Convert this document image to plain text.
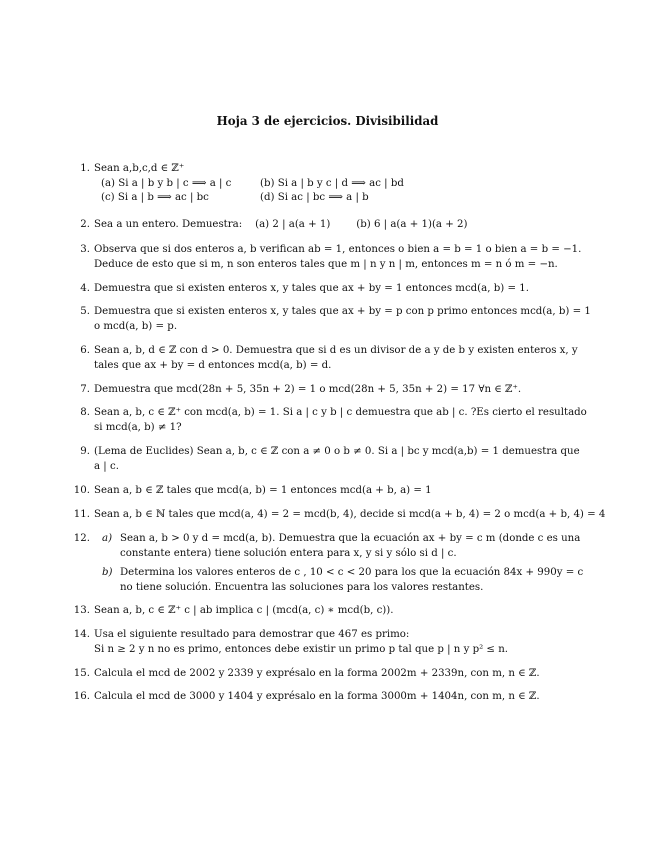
Hoja 3 de ejercicios. Divisibilidad
1. Sean a,b,c,d ∈ ℤ⁺
(a) Si a | b y b | c ⟹ a | c	(b) Si a | b y c | d ⟹ ac | bd
(c) Si a | b ⟹ ac | bc	(d) Si ac | bc ⟹ a | b
2. Sea a un entero. Demuestra:    (a) 2 | a(a + 1)        (b) 6 | a(a + 1)(a + 2)
3. Observa que si dos enteros a, b verifican ab = 1, entonces o bien a = b = 1 o bien a = b = −1.
Deduce de esto que si m, n son enteros tales que m | n y n | m, entonces m = n ó m = −n.
4. Demuestra que si existen enteros x, y tales que ax + by = 1 entonces mcd(a, b) = 1.
5. Demuestra que si existen enteros x, y tales que ax + by = p con p primo entonces mcd(a, b) = 1
o mcd(a, b) = p.
6. Sean a, b, d ∈ ℤ con d > 0. Demuestra que si d es un divisor de a y de b y existen enteros x, y
tales que ax + by = d entonces mcd(a, b) = d.
7. Demuestra que mcd(28n + 5, 35n + 2) = 1 o mcd(28n + 5, 35n + 2) = 17 ∀n ∈ ℤ⁺.
8. Sean a, b, c ∈ ℤ⁺ con mcd(a, b) = 1. Si a | c y b | c demuestra que ab | c. ?Es cierto el resultado
si mcd(a, b) ≠ 1?
9. (Lema de Euclides) Sean a, b, c ∈ ℤ con a ≠ 0 o b ≠ 0. Si a | bc y mcd(a,b) = 1 demuestra que
a | c.
10. Sean a, b ∈ ℤ tales que mcd(a, b) = 1 entonces mcd(a + b, a) = 1
11. Sean a, b ∈ ℕ tales que mcd(a, 4) = 2 = mcd(b, 4), decide si mcd(a + b, 4) = 2 o mcd(a + b, 4) = 4
12. a) Sean a, b > 0 y d = mcd(a, b). Demuestra que la ecuación ax + by = c m (donde c es una
constante entera) tiene solución entera para x, y si y sólo si d | c.
b) Determina los valores enteros de c , 10 < c < 20 para los que la ecuación 84x + 990y = c
no tiene solución. Encuentra las soluciones para los valores restantes.
13. Sean a, b, c ∈ ℤ⁺ c | ab implica c | (mcd(a, c) ∗ mcd(b, c)).
14. Usa el siguiente resultado para demostrar que 467 es primo:
Si n ≥ 2 y n no es primo, entonces debe existir un primo p tal que p | n y p² ≤ n.
15. Calcula el mcd de 2002 y 2339 y exprésalo en la forma 2002m + 2339n, con m, n ∈ ℤ.
16. Calcula el mcd de 3000 y 1404 y exprésalo en la forma 3000m + 1404n, con m, n ∈ ℤ.
